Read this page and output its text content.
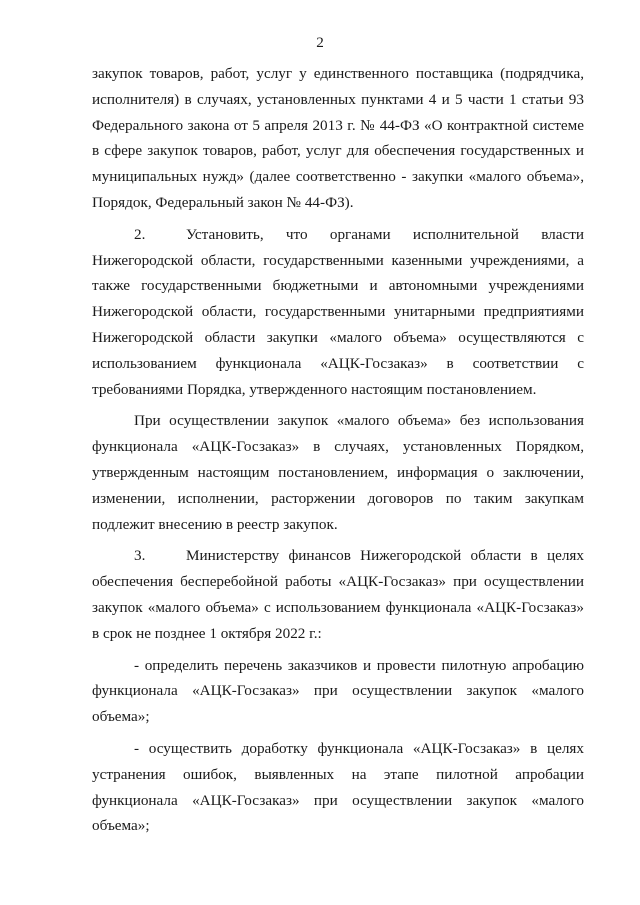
2

закупок товаров, работ, услуг у единственного поставщика (подрядчика, исполнителя) в случаях, установленных пунктами 4 и 5 части 1 статьи 93 Федерального закона от 5 апреля 2013 г. № 44-ФЗ «О контрактной системе в сфере закупок товаров, работ, услуг для обеспечения государственных и муниципальных нужд» (далее соответственно - закупки «малого объема», Порядок, Федеральный закон № 44-ФЗ).

2.	Установить, что органами исполнительной власти Нижегородской области, государственными казенными учреждениями, а также государственными бюджетными и автономными учреждениями Нижегородской области, государственными унитарными предприятиями Нижегородской области закупки «малого объема» осуществляются с использованием функционала «АЦК-Госзаказ» в соответствии с требованиями Порядка, утвержденного настоящим постановлением.

При осуществлении закупок «малого объема» без использования функционала «АЦК-Госзаказ» в случаях, установленных Порядком, утвержденным настоящим постановлением, информация о заключении, изменении, исполнении, расторжении договоров по таким закупкам подлежит внесению в реестр закупок.

3.	Министерству финансов Нижегородской области в целях обеспечения бесперебойной работы «АЦК-Госзаказ» при осуществлении закупок «малого объема» с использованием функционала «АЦК-Госзаказ» в срок не позднее 1 октября 2022 г.:

- определить перечень заказчиков и провести пилотную апробацию функционала «АЦК-Госзаказ» при осуществлении закупок «малого объема»;

- осуществить доработку функционала «АЦК-Госзаказ» в целях устранения ошибок, выявленных на этапе пилотной апробации функционала «АЦК-Госзаказ» при осуществлении закупок «малого объема»;
